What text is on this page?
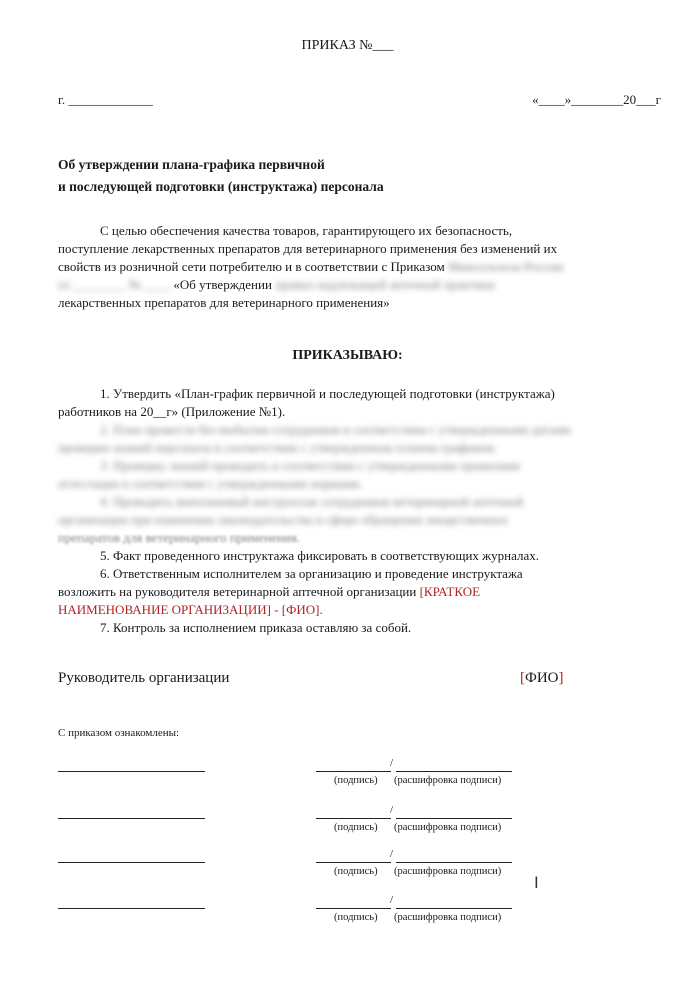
ПРИКАЗ №___
г. _____________	«____»________20___г
Об утверждении плана-графика первичной
и последующей подготовки (инструктажа) персонала
С целью обеспечения качества товаров, гарантирующего их безопасность,
поступление лекарственных препаратов для ветеринарного применения без изменений их
свойств из розничной сети потребителю и в соответствии с Приказом Минсельхоза России
от ________ № ____ «Об утверждении правил надлежащей аптечной практики
лекарственных препаратов для ветеринарного применения»
ПРИКАЗЫВАЮ:
1. Утвердить «План-график первичной и последующей подготовки (инструктажа)
работников на 20__г» (Приложение №1).
2. План провести без выбытия сотрудников в соответствии с утвержденными датами
проверки знаний персонала в соответствии с утвержденным планом-графиком.
3. Проверку знаний проводить в соответствии с утвержденными правилами
аттестации в соответствии с утвержденными нормами.
4. Проводить внеплановый инструктаж сотрудников ветеринарной аптечной
организации при изменении законодательства в сфере обращения лекарственных
препаратов для ветеринарного применения.
5. Факт проведенного инструктажа фиксировать в соответствующих журналах.
6. Ответственным исполнителем за организацию и проведение инструктажа
возложить на руководителя ветеринарной аптечной организации [КРАТКОЕ
НАИМЕНОВАНИЕ ОРГАНИЗАЦИИ] - [ФИО].
7. Контроль за исполнением приказа оставляю за собой.
Руководитель организации	[ФИО]
С приказом ознакомлены:
/
(подпись) (расшифровка подписи)
/
(подпись) (расшифровка подписи)
/
(подпись) (расшифровка подписи)
/
(подпись) (расшифровка подписи)
I
